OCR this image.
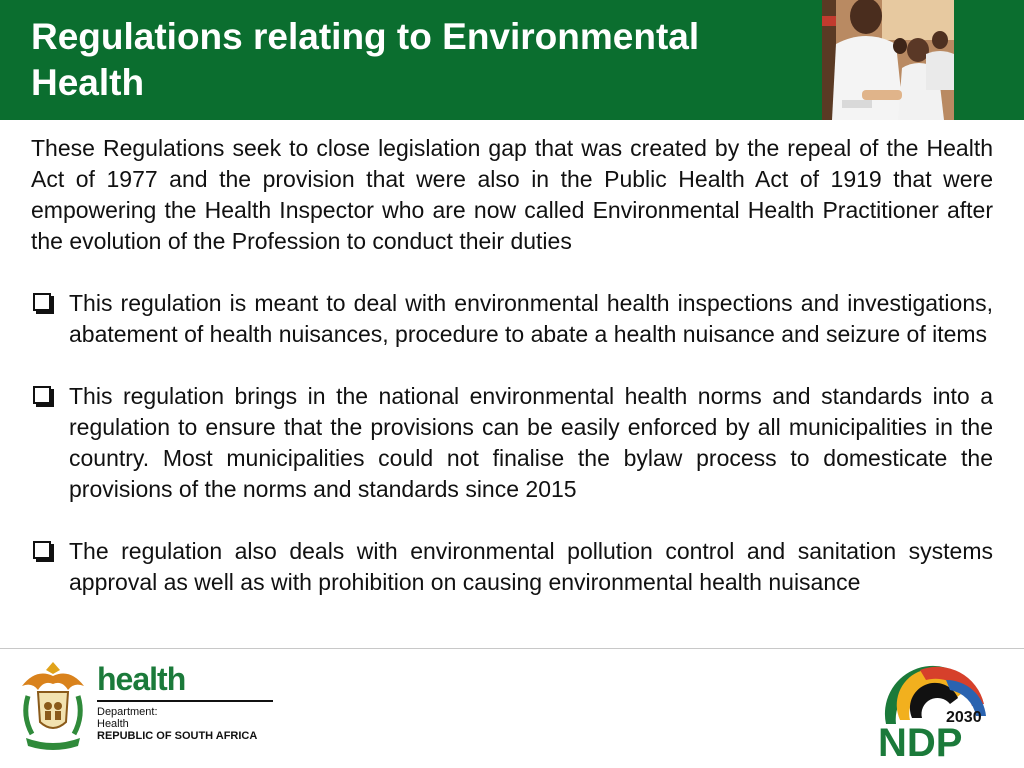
Regulations relating to Environmental Health

These Regulations seek to close legislation gap that was created by the repeal of the Health Act of 1977 and the provision that were also in the Public Health Act of 1919 that were empowering the Health Inspector who are now called Environmental Health Practitioner after the evolution of the Profession to conduct their duties

This regulation is meant to deal with environmental health inspections and investigations, abatement of health nuisances, procedure to abate a health nuisance and seizure of items
This regulation brings in the national environmental health norms and standards into a regulation to ensure that the provisions can be easily enforced by all municipalities in the country. Most municipalities could not finalise the bylaw process to domesticate the provisions of the norms and standards since 2015
The regulation also deals with environmental pollution control and sanitation systems approval as well as with prohibition on causing environmental health nuisance
health
Department:
Health
REPUBLIC OF SOUTH AFRICA
2030
NDP
